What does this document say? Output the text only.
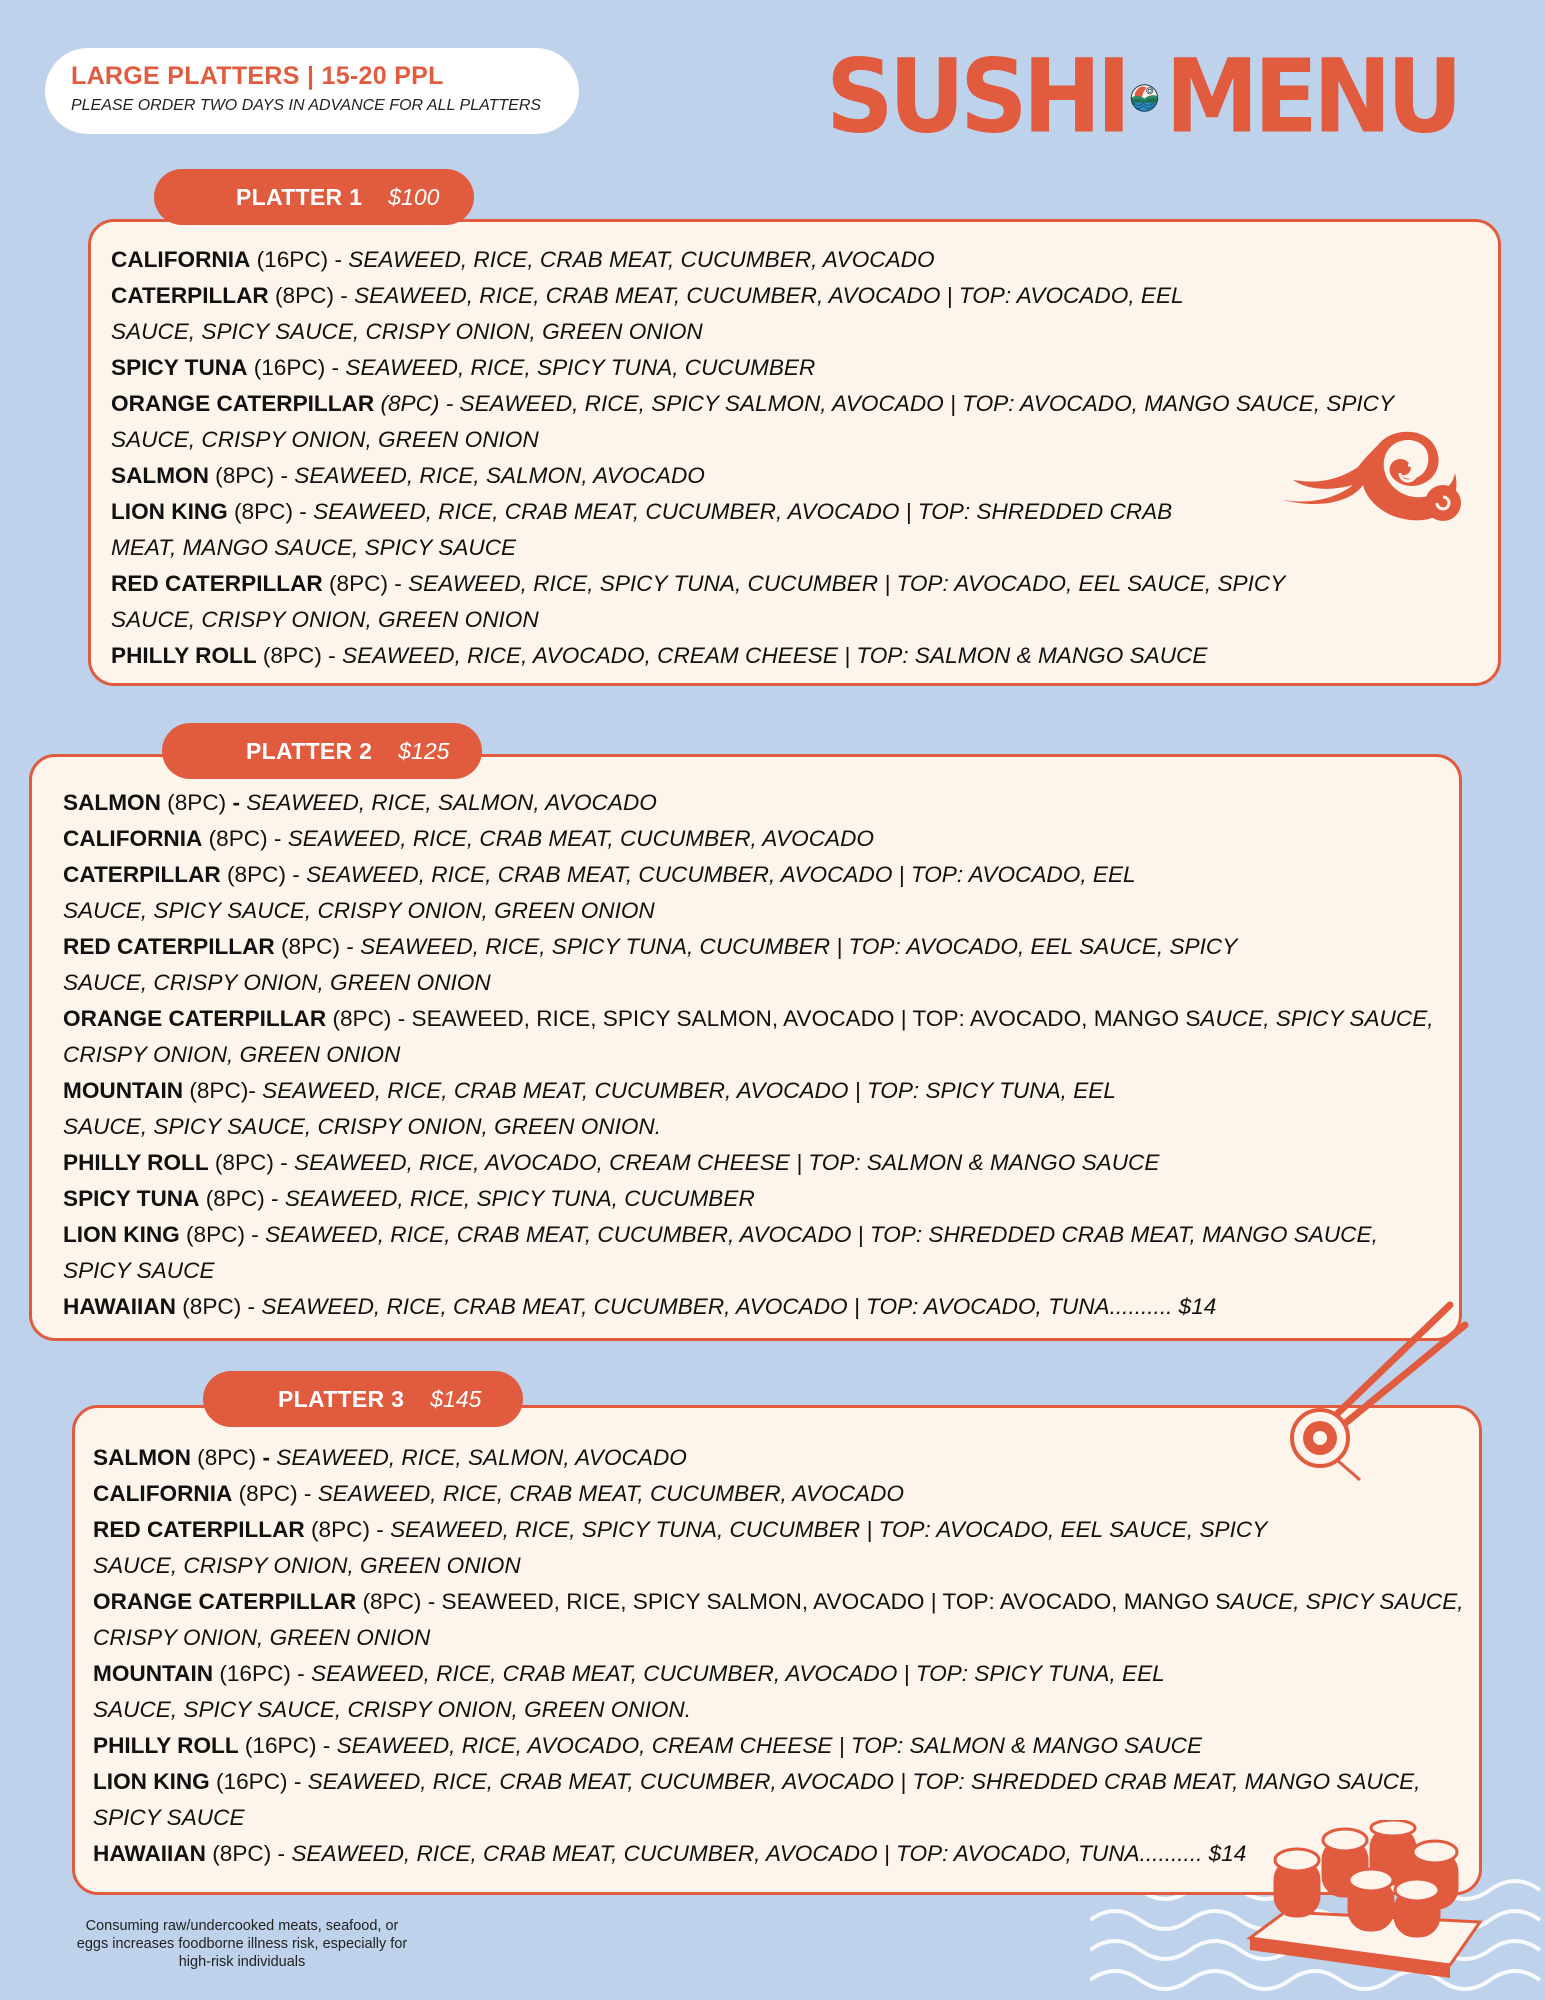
LARGE PLATTERS | 15-20 PPL
PLEASE ORDER TWO DAYS IN ADVANCE FOR ALL PLATTERS	SUSHI MENU
CALIFORNIA (16PC) - SEAWEED, RICE, CRAB MEAT, CUCUMBER, AVOCADO
CATERPILLAR (8PC) - SEAWEED, RICE, CRAB MEAT, CUCUMBER, AVOCADO | TOP: AVOCADO, EEL
SAUCE, SPICY SAUCE, CRISPY ONION, GREEN ONION
SPICY TUNA (16PC) - SEAWEED, RICE, SPICY TUNA, CUCUMBER
ORANGE CATERPILLAR (8PC) - SEAWEED, RICE, SPICY SALMON, AVOCADO | TOP: AVOCADO, MANGO SAUCE, SPICY
SAUCE, CRISPY ONION, GREEN ONION
SALMON (8PC) - SEAWEED, RICE, SALMON, AVOCADO
LION KING (8PC) - SEAWEED, RICE, CRAB MEAT, CUCUMBER, AVOCADO | TOP: SHREDDED CRAB
MEAT, MANGO SAUCE, SPICY SAUCE
RED CATERPILLAR (8PC) - SEAWEED, RICE, SPICY TUNA, CUCUMBER | TOP: AVOCADO, EEL SAUCE, SPICY
SAUCE, CRISPY ONION, GREEN ONION
PHILLY ROLL (8PC) - SEAWEED, RICE, AVOCADO, CREAM CHEESE | TOP: SALMON & MANGO SAUCE
PLATTER 1 $100
SALMON (8PC) - SEAWEED, RICE, SALMON, AVOCADO
CALIFORNIA (8PC) - SEAWEED, RICE, CRAB MEAT, CUCUMBER, AVOCADO
CATERPILLAR (8PC) - SEAWEED, RICE, CRAB MEAT, CUCUMBER, AVOCADO | TOP: AVOCADO, EEL
SAUCE, SPICY SAUCE, CRISPY ONION, GREEN ONION
RED CATERPILLAR (8PC) - SEAWEED, RICE, SPICY TUNA, CUCUMBER | TOP: AVOCADO, EEL SAUCE, SPICY
SAUCE, CRISPY ONION, GREEN ONION
ORANGE CATERPILLAR (8PC) - SEAWEED, RICE, SPICY SALMON, AVOCADO | TOP: AVOCADO, MANGO SAUCE, SPICY SAUCE,
CRISPY ONION, GREEN ONION
MOUNTAIN (8PC)- SEAWEED, RICE, CRAB MEAT, CUCUMBER, AVOCADO | TOP: SPICY TUNA, EEL
SAUCE, SPICY SAUCE, CRISPY ONION, GREEN ONION.
PHILLY ROLL (8PC) - SEAWEED, RICE, AVOCADO, CREAM CHEESE | TOP: SALMON & MANGO SAUCE
SPICY TUNA (8PC) - SEAWEED, RICE, SPICY TUNA, CUCUMBER
LION KING (8PC) - SEAWEED, RICE, CRAB MEAT, CUCUMBER, AVOCADO | TOP: SHREDDED CRAB MEAT, MANGO SAUCE,
SPICY SAUCE
HAWAIIAN (8PC) - SEAWEED, RICE, CRAB MEAT, CUCUMBER, AVOCADO | TOP: AVOCADO, TUNA.......... $14
PLATTER 2 $125
SALMON (8PC) - SEAWEED, RICE, SALMON, AVOCADO
CALIFORNIA (8PC) - SEAWEED, RICE, CRAB MEAT, CUCUMBER, AVOCADO
RED CATERPILLAR (8PC) - SEAWEED, RICE, SPICY TUNA, CUCUMBER | TOP: AVOCADO, EEL SAUCE, SPICY
SAUCE, CRISPY ONION, GREEN ONION
ORANGE CATERPILLAR (8PC) - SEAWEED, RICE, SPICY SALMON, AVOCADO | TOP: AVOCADO, MANGO SAUCE, SPICY SAUCE,
CRISPY ONION, GREEN ONION
MOUNTAIN (16PC) - SEAWEED, RICE, CRAB MEAT, CUCUMBER, AVOCADO | TOP: SPICY TUNA, EEL
SAUCE, SPICY SAUCE, CRISPY ONION, GREEN ONION.
PHILLY ROLL (16PC) - SEAWEED, RICE, AVOCADO, CREAM CHEESE | TOP: SALMON & MANGO SAUCE
LION KING (16PC) - SEAWEED, RICE, CRAB MEAT, CUCUMBER, AVOCADO | TOP: SHREDDED CRAB MEAT, MANGO SAUCE,
SPICY SAUCE
HAWAIIAN (8PC) - SEAWEED, RICE, CRAB MEAT, CUCUMBER, AVOCADO | TOP: AVOCADO, TUNA.......... $14
PLATTER 3 $145
Consuming raw/undercooked meats, seafood, or eggs increases foodborne illness risk, especially for high-risk individuals
